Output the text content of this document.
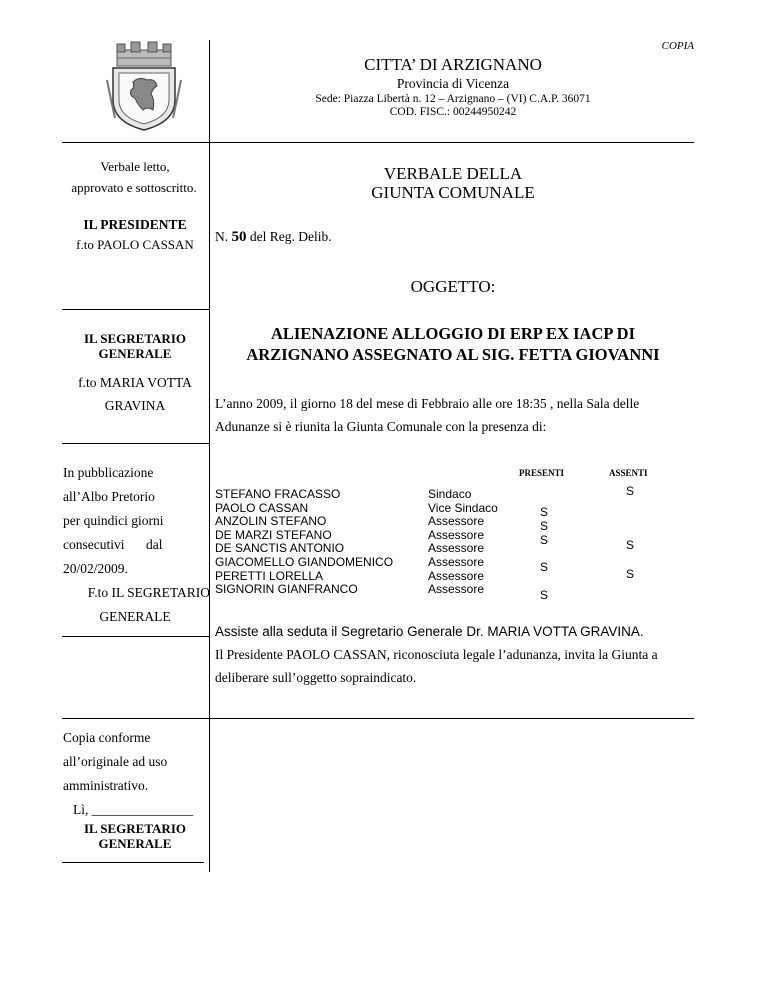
COPIA
CITTA’ DI ARZIGNANO
Provincia di Vicenza
Sede: Piazza Libertà n. 12 – Arzignano – (VI) C.A.P. 36071
COD. FISC.: 00244950242
Verbale letto,
approvato e sottoscritto.
IL PRESIDENTE
f.to PAOLO CASSAN
IL SEGRETARIO
GENERALE
f.to MARIA VOTTA
GRAVINA
In pubblicazione
all’Albo Pretorio
per quindici giorni
consecutivi	dal
20/02/2009.
F.to IL SEGRETARIO
GENERALE
Copia conforme
all’originale ad uso
amministrativo.
Lì, _______________
IL SEGRETARIO
GENERALE
VERBALE DELLA
GIUNTA COMUNALE
N. 50 del Reg. Delib.
OGGETTO:
ALIENAZIONE ALLOGGIO DI ERP EX IACP DI
ARZIGNANO ASSEGNATO AL SIG. FETTA GIOVANNI
L’anno 2009, il giorno 18 del mese di Febbraio alle ore 18:35 , nella Sala delle
Adunanze si è riunita la Giunta Comunale con la presenza di:
PRESENTI	ASSENTI
STEFANO FRACASSO
PAOLO CASSAN
ANZOLIN STEFANO
DE MARZI STEFANO
DE SANCTIS ANTONIO
GIACOMELLO GIANDOMENICO
PERETTI LORELLA
SIGNORIN GIANFRANCO
Sindaco
Vice Sindaco
Assessore
Assessore
Assessore
Assessore
Assessore
Assessore
S
S
S
S
S
S
S
S
Assiste alla seduta il Segretario Generale Dr. MARIA VOTTA GRAVINA.
Il Presidente PAOLO CASSAN, riconosciuta legale l’adunanza, invita la Giunta a
deliberare sull’oggetto sopraindicato.
